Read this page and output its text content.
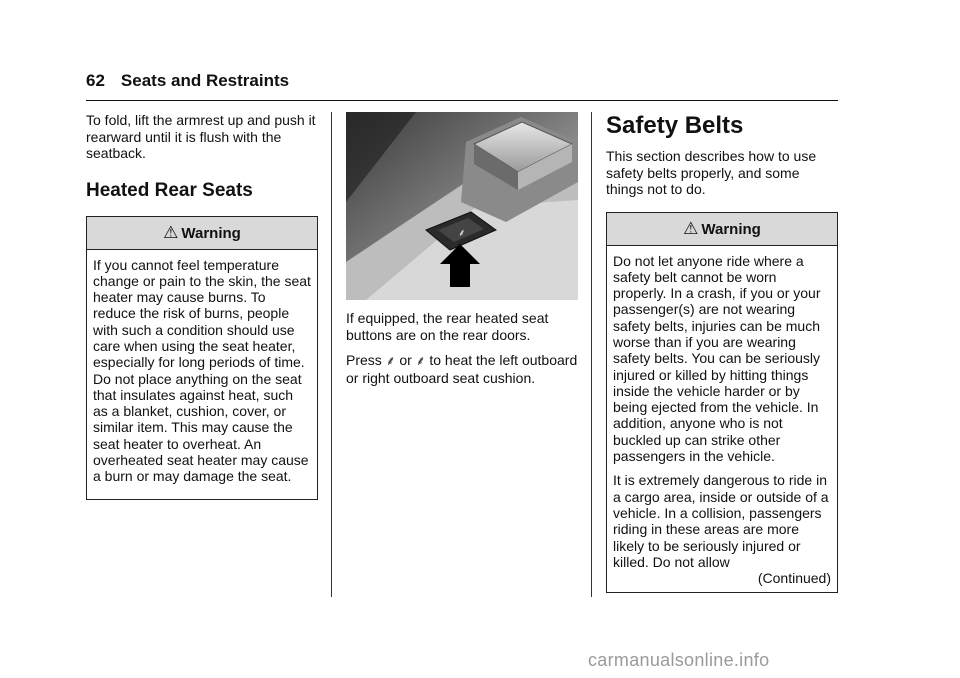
62 Seats and Restraints

To fold, lift the armrest up and push it rearward until it is flush with the seatback.

Heated Rear Seats
⚠ Warning

If you cannot feel temperature change or pain to the skin, the seat heater may cause burns. To reduce the risk of burns, people with such a condition should use care when using the seat heater, especially for long periods of time. Do not place anything on the seat that insulates against heat, such as a blanket, cushion, cover, or similar item. This may cause the seat heater to overheat. An overheated seat heater may cause a burn or may damage the seat.

⸙

If equipped, the rear heated seat buttons are on the rear doors.

Press ⸙ or ⸙ to heat the left outboard or right outboard seat cushion.

Safety Belts

This section describes how to use safety belts properly, and some things not to do.

⚠ Warning

Do not let anyone ride where a safety belt cannot be worn properly. In a crash, if you or your passenger(s) are not wearing safety belts, injuries can be much worse than if you are wearing safety belts. You can be seriously injured or killed by hitting things inside the vehicle harder or by being ejected from the vehicle. In addition, anyone who is not buckled up can strike other passengers in the vehicle.

It is extremely dangerous to ride in a cargo area, inside or outside of a vehicle. In a collision, passengers riding in these areas are more likely to be seriously injured or killed. Do not allow

(Continued)
carmanualsonline.info
